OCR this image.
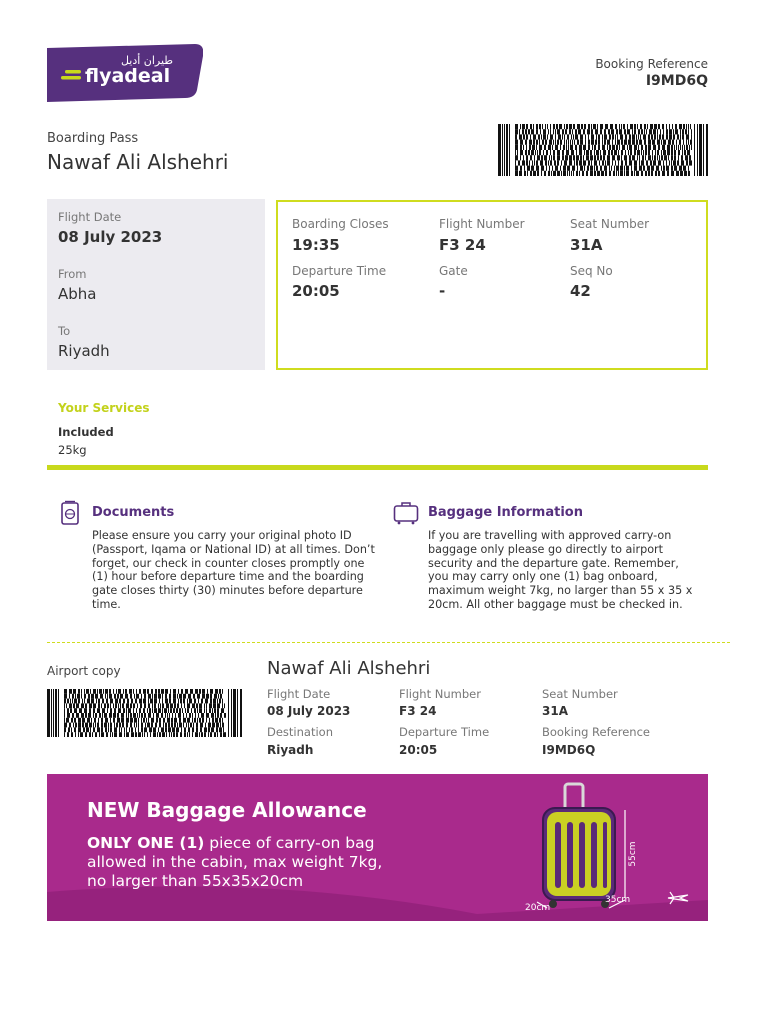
طيران أديل
flyadeal
Booking Reference
I9MD6Q
Boarding Pass
Nawaf Ali Alshehri
Flight Date
08 July 2023
From
Abha
To
Riyadh
Boarding Closes
19:35
Flight Number
F3 24
Seat Number
31A
Departure Time
20:05
Gate
-
Seq No
42
Your Services
Included
25kg
Documents
Please ensure you carry your original photo ID (Passport, Iqama or National ID) at all times. Don’t forget, our check in counter closes promptly one (1) hour before departure time and the boarding gate closes thirty (30) minutes before departure time.
Baggage Information
If you are travelling with approved carry-on baggage only please go directly to airport security and the departure gate. Remember, you may carry only one (1) bag onboard, maximum weight 7kg, no larger than 55 x 35 x 20cm. All other baggage must be checked in.
Airport copy	Nawaf Ali Alshehri
Flight Date
08 July 2023
Flight Number
F3 24
Seat Number
31A
Destination
Riyadh
Departure Time
20:05
Booking Reference
I9MD6Q
NEW Baggage Allowance
ONLY ONE (1) piece of carry-on bag
allowed in the cabin, max weight 7kg,
no larger than 55x35x20cm
55cm
35cm
20cm
